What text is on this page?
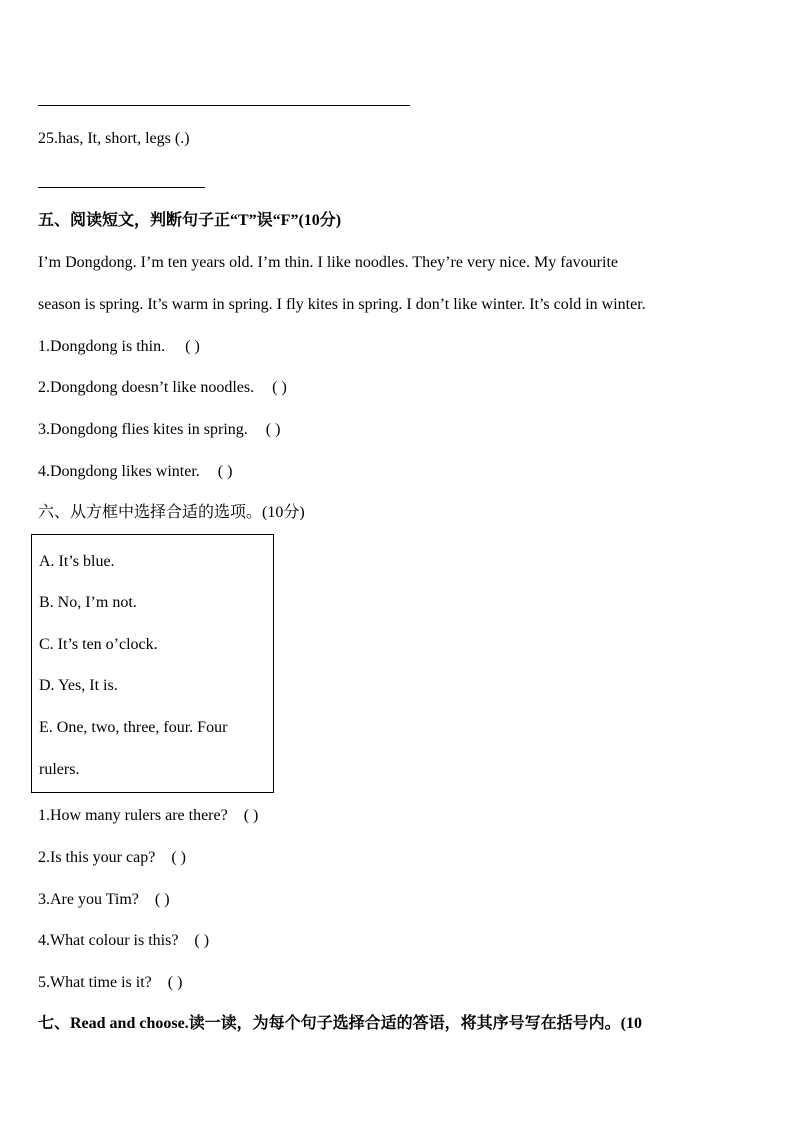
25.has, It, short, legs (.)
五、阅读短文，判断句子正“T”误“F”(10分)
I’m Dongdong. I’m ten years old. I’m thin. I like noodles. They’re very nice. My favourite
season is spring. It’s warm in spring. I fly kites in spring. I don’t like winter. It’s cold in winter.
1.Dongdong is thin. ( )
2.Dongdong doesn’t like noodles. ( )
3.Dongdong flies kites in spring. ( )
4.Dongdong likes winter. ( )
六、从方框中选择合适的选项。(10分)
A. It’s blue.
B. No, I’m not.
C. It’s ten o’clock.
D. Yes, It is.
E. One, two, three, four. Four
rulers.
1.How many rulers are there? ( )
2.Is this your cap? ( )
3.Are you Tim? ( )
4.What colour is this? ( )
5.What time is it? ( )
七、Read and choose.读一读，为每个句子选择合适的答语，将其序号写在括号内。(10
